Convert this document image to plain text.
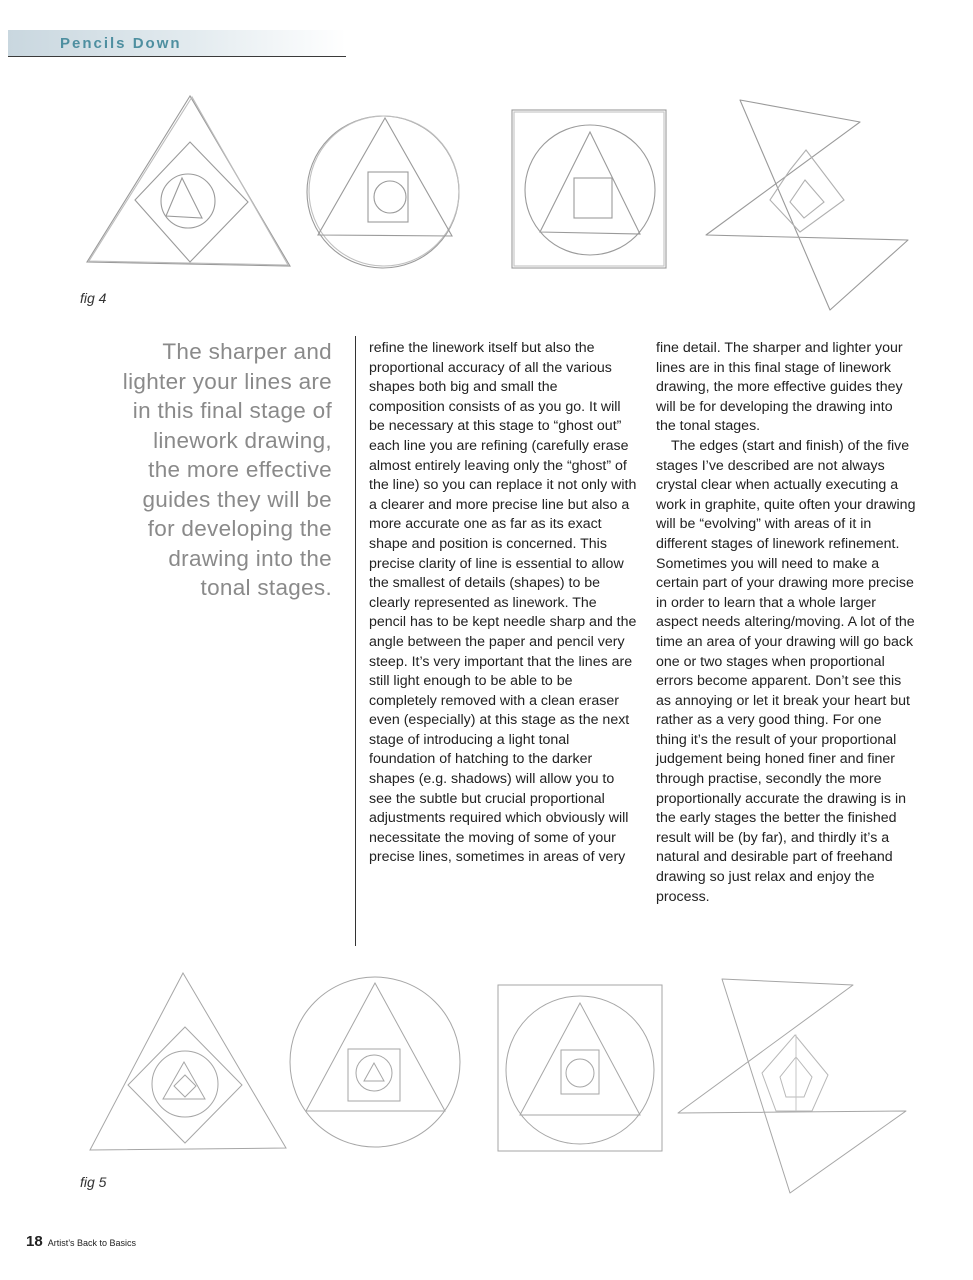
Pencils Down
fig 4
The sharper and lighter your lines are in this final stage of linework drawing, the more effective guides they will be for developing the drawing into the tonal stages.

refine the linework itself but also the proportional accuracy of all the various shapes both big and small the composition consists of as you go. It will be necessary at this stage to “ghost out” each line you are refining (carefully erase almost entirely leaving only the “ghost” of the line) so you can replace it not only with a clearer and more precise line but also a more accurate one as far as its exact shape and position is concerned. This precise clarity of line is essential to allow the smallest of details (shapes) to be clearly represented as linework. The pencil has to be kept needle sharp and the angle between the paper and pencil very steep. It’s very important that the lines are still light enough to be able to be completely removed with a clean eraser even (especially) at this stage as the next stage of introducing a light tonal foundation of hatching to the darker shapes (e.g. shadows) will allow you to see the subtle but crucial proportional adjustments required which obviously will necessitate the moving of some of your precise lines, sometimes in areas of very

fine detail. The sharper and lighter your lines are in this final stage of linework drawing, the more effective guides they will be for developing the drawing into the tonal stages.

The edges (start and finish) of the five stages I’ve described are not always crystal clear when actually executing a work in graphite, quite often your drawing will be “evolving” with areas of it in different stages of linework refinement. Sometimes you will need to make a certain part of your drawing more precise in order to learn that a whole larger aspect needs altering/moving. A lot of the time an area of your drawing will go back one or two stages when proportional errors become apparent. Don’t see this as annoying or let it break your heart but rather as a very good thing. For one thing it’s the result of your proportional judgement being honed finer and finer through practise, secondly the more proportionally accurate the drawing is in the early stages the better the finished result will be (by far), and thirdly it’s a natural and desirable part of freehand drawing so just relax and enjoy the process.

fig 5
18 Artist’s Back to Basics
